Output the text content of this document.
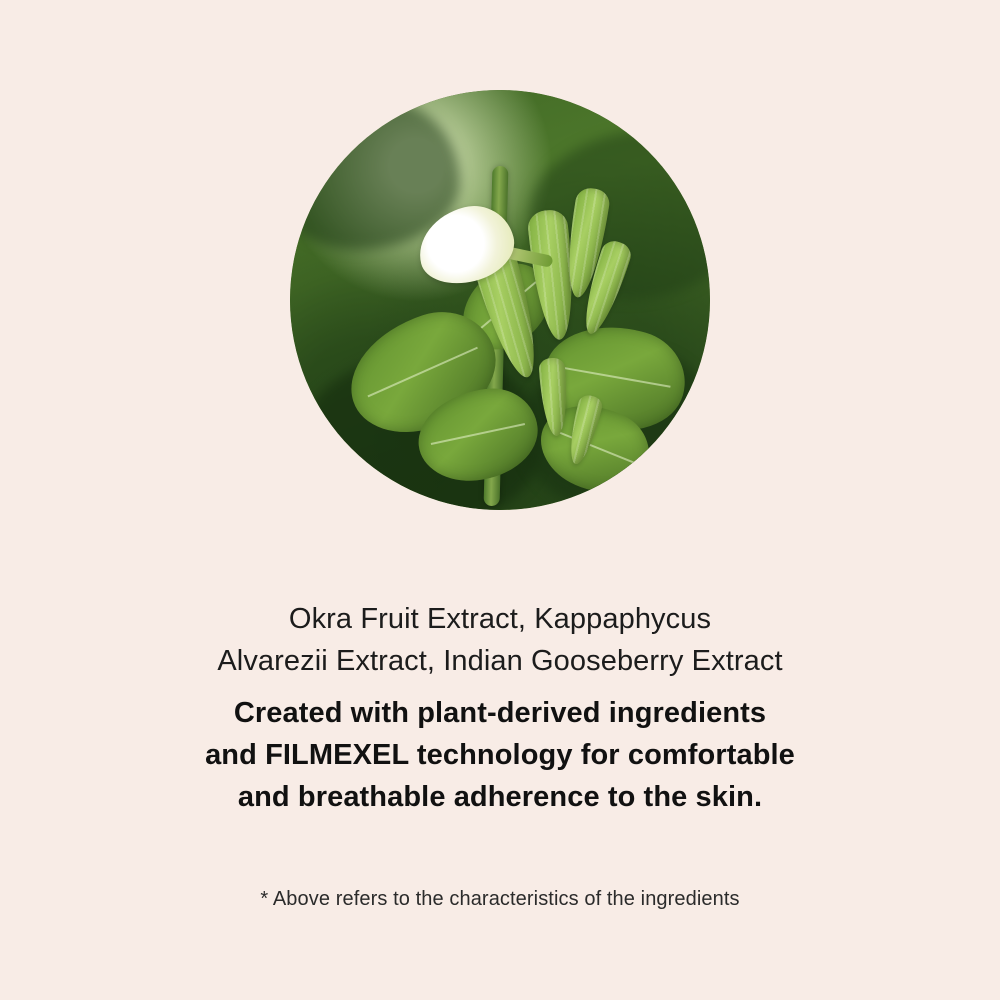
Okra Fruit Extract, Kappaphycus
Alvarezii Extract, Indian Gooseberry Extract
Created with plant-derived ingredients
and FILMEXEL technology for comfortable
and breathable adherence to the skin.
* Above refers to the characteristics of the ingredients
